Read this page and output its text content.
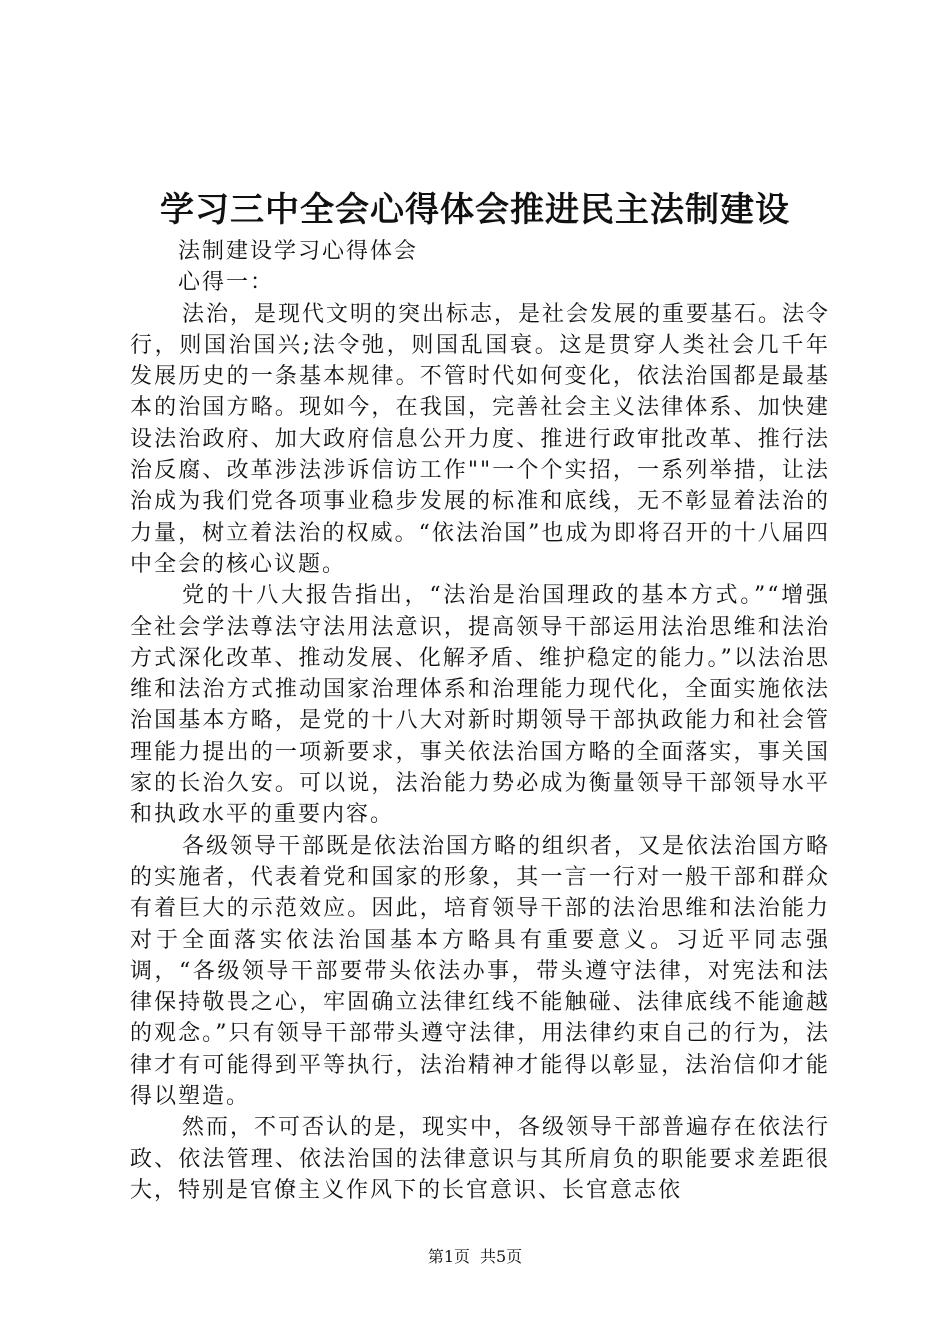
学习三中全会心得体会推进民主法制建设

法制建设学习心得体会

心得一：

法治，是现代文明的突出标志，是社会发展的重要基石。法令行，则国治国兴;法令弛，则国乱国衰。这是贯穿人类社会几千年发展历史的一条基本规律。不管时代如何变化，依法治国都是最基本的治国方略。现如今，在我国，完善社会主义法律体系、加快建设法治政府、加大政府信息公开力度、推进行政审批改革、推行法治反腐、改革涉法涉诉信访工作""一个个实招，一系列举措，让法治成为我们党各项事业稳步发展的标准和底线，无不彰显着法治的力量，树立着法治的权威。“依法治国”也成为即将召开的十八届四中全会的核心议题。

党的十八大报告指出，“法治是治国理政的基本方式。”“增强全社会学法尊法守法用法意识，提高领导干部运用法治思维和法治方式深化改革、推动发展、化解矛盾、维护稳定的能力。”以法治思维和法治方式推动国家治理体系和治理能力现代化，全面实施依法治国基本方略，是党的十八大对新时期领导干部执政能力和社会管理能力提出的一项新要求，事关依法治国方略的全面落实，事关国家的长治久安。可以说，法治能力势必成为衡量领导干部领导水平和执政水平的重要内容。

各级领导干部既是依法治国方略的组织者，又是依法治国方略的实施者，代表着党和国家的形象，其一言一行对一般干部和群众有着巨大的示范效应。因此，培育领导干部的法治思维和法治能力对于全面落实依法治国基本方略具有重要意义。习近平同志强调，“各级领导干部要带头依法办事，带头遵守法律，对宪法和法律保持敬畏之心，牢固确立法律红线不能触碰、法律底线不能逾越的观念。”只有领导干部带头遵守法律，用法律约束自己的行为，法律才有可能得到平等执行，法治精神才能得以彰显，法治信仰才能得以塑造。

然而，不可否认的是，现实中，各级领导干部普遍存在依法行政、依法管理、依法治国的法律意识与其所肩负的职能要求差距很大，特别是官僚主义作风下的长官意识、长官意志依

第1页 共5页
